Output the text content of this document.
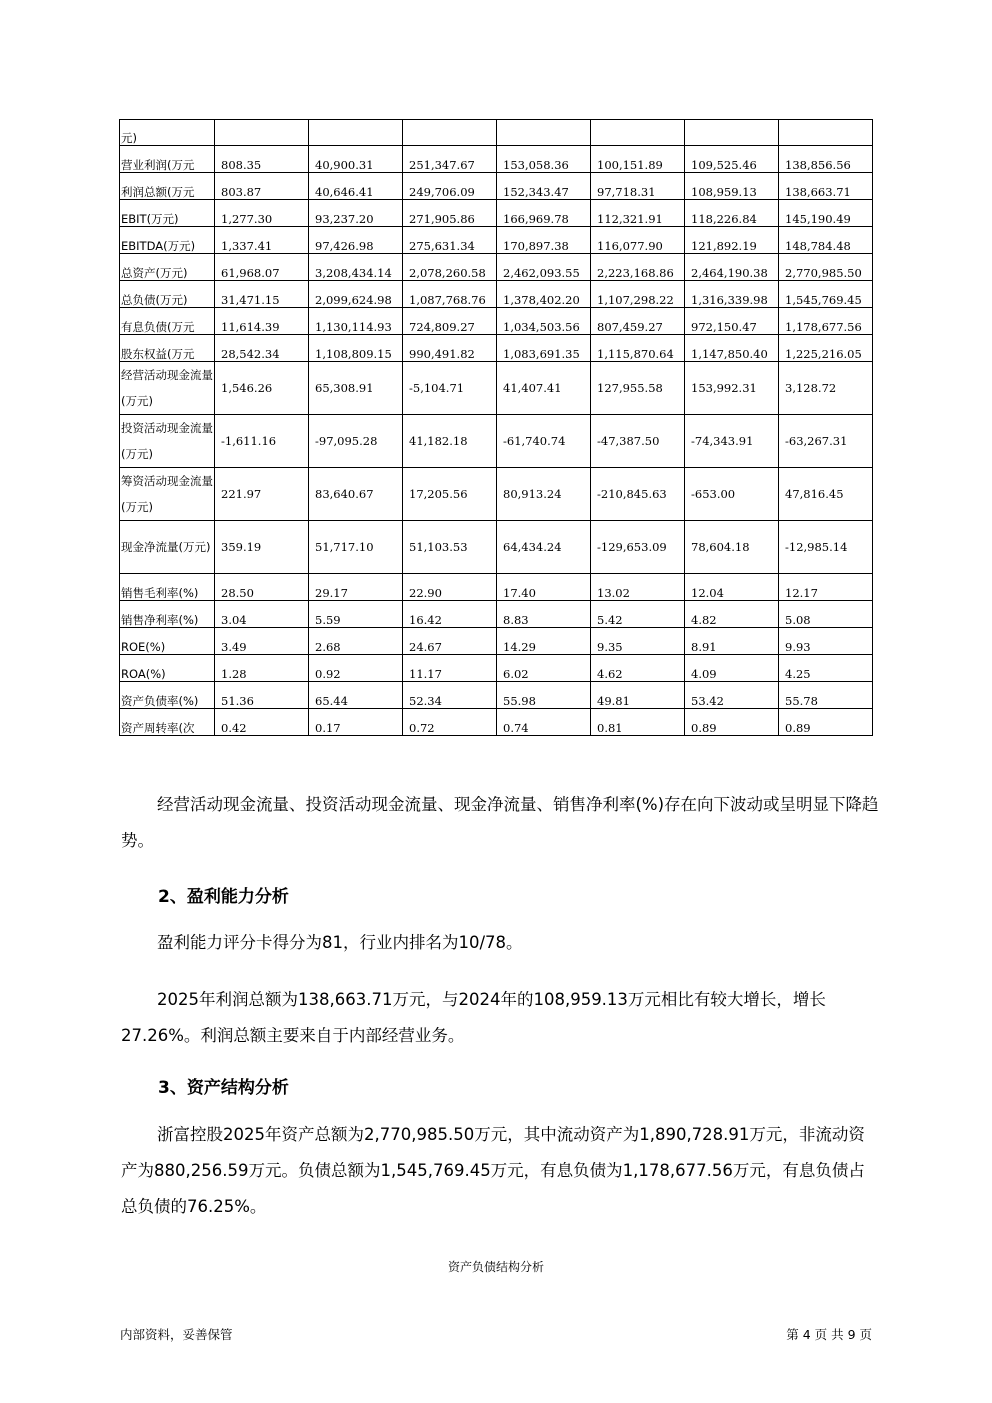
元)							
营业利润(万元	808.35	40,900.31	251,347.67	153,058.36	100,151.89	109,525.46	138,856.56
利润总额(万元	803.87	40,646.41	249,706.09	152,343.47	97,718.31	108,959.13	138,663.71
EBIT(万元)	1,277.30	93,237.20	271,905.86	166,969.78	112,321.91	118,226.84	145,190.49
EBITDA(万元)	1,337.41	97,426.98	275,631.34	170,897.38	116,077.90	121,892.19	148,784.48
总资产(万元)	61,968.07	3,208,434.14	2,078,260.58	2,462,093.55	2,223,168.86	2,464,190.38	2,770,985.50
总负债(万元)	31,471.15	2,099,624.98	1,087,768.76	1,378,402.20	1,107,298.22	1,316,339.98	1,545,769.45
有息负债(万元	11,614.39	1,130,114.93	724,809.27	1,034,503.56	807,459.27	972,150.47	1,178,677.56
股东权益(万元	28,542.34	1,108,809.15	990,491.82	1,083,691.35	1,115,870.64	1,147,850.40	1,225,216.05
经营活动现金流量(万元)	1,546.26	65,308.91	-5,104.71	41,407.41	127,955.58	153,992.31	3,128.72
投资活动现金流量(万元)	-1,611.16	-97,095.28	41,182.18	-61,740.74	-47,387.50	-74,343.91	-63,267.31
筹资活动现金流量(万元)	221.97	83,640.67	17,205.56	80,913.24	-210,845.63	-653.00	47,816.45
现金净流量(万元)	359.19	51,717.10	51,103.53	64,434.24	-129,653.09	78,604.18	-12,985.14
销售毛利率(%)	28.50	29.17	22.90	17.40	13.02	12.04	12.17
销售净利率(%)	3.04	5.59	16.42	8.83	5.42	4.82	5.08
ROE(%)	3.49	2.68	24.67	14.29	9.35	8.91	9.93
ROA(%)	1.28	0.92	11.17	6.02	4.62	4.09	4.25
资产负债率(%)	51.36	65.44	52.34	55.98	49.81	53.42	55.78
资产周转率(次	0.42	0.17	0.72	0.74	0.81	0.89	0.89
经营活动现金流量、投资活动现金流量、现金净流量、销售净利率(%)存在向下波动或呈明显下降趋势。
2、盈利能力分析
盈利能力评分卡得分为81，行业内排名为10/78。
2025年利润总额为138,663.71万元，与2024年的108,959.13万元相比有较大增长，增长27.26%。利润总额主要来自于内部经营业务。
3、资产结构分析
浙富控股2025年资产总额为2,770,985.50万元，其中流动资产为1,890,728.91万元，非流动资产为880,256.59万元。负债总额为1,545,769.45万元，有息负债为1,178,677.56万元，有息负债占总负债的76.25%。
资产负债结构分析
内部资料，妥善保管	第 4 页 共 9 页
